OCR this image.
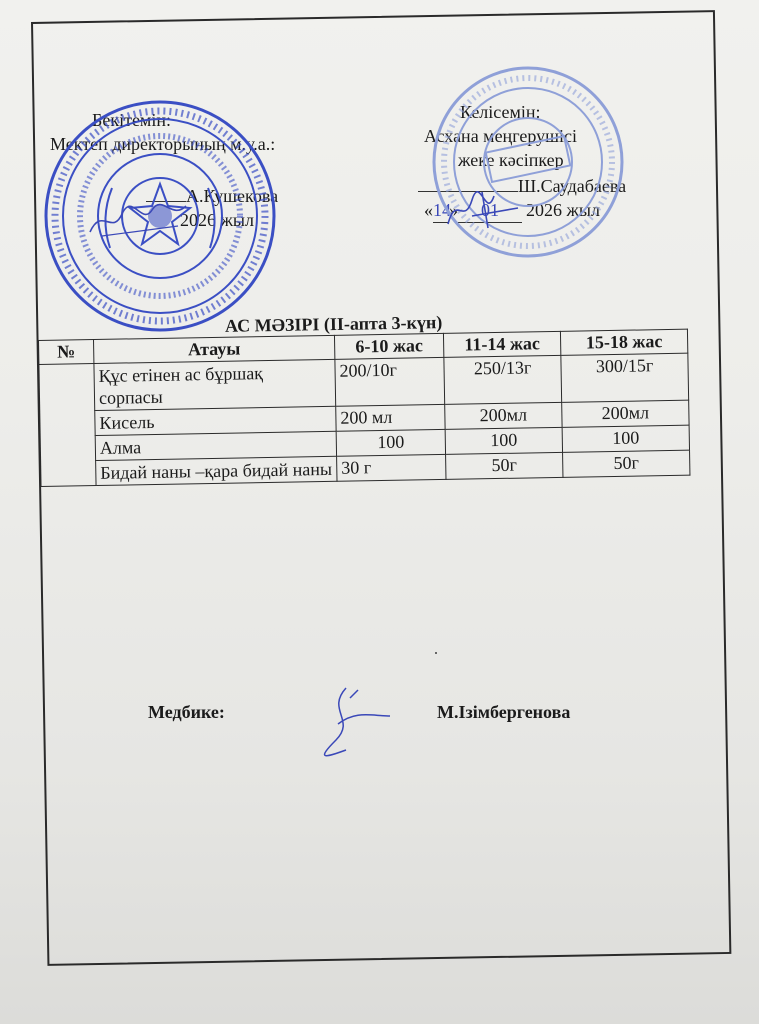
Бекітемін:
Мектеп директорының м.у.а.:
А.Кушекова
2026 жыл
Келісемін:
Асхана меңгерушісі
жеке кәсіпкер
Ш.Саудабаева
«14» 01 2026 жыл
АС МӘЗІРІ (ІІ-апта 3-күн)
№	Атауы	6-10 жас	11-14 жас	15-18 жас
	Құс етінен ас бұршақ сорпасы	200/10г	250/13г	300/15г
	Кисель	200 мл	200мл	200мл
	Алма	100	100	100
	Бидай наны –қара бидай наны	30 г	50г	50г
Медбике:	М.Ізімбергенова
